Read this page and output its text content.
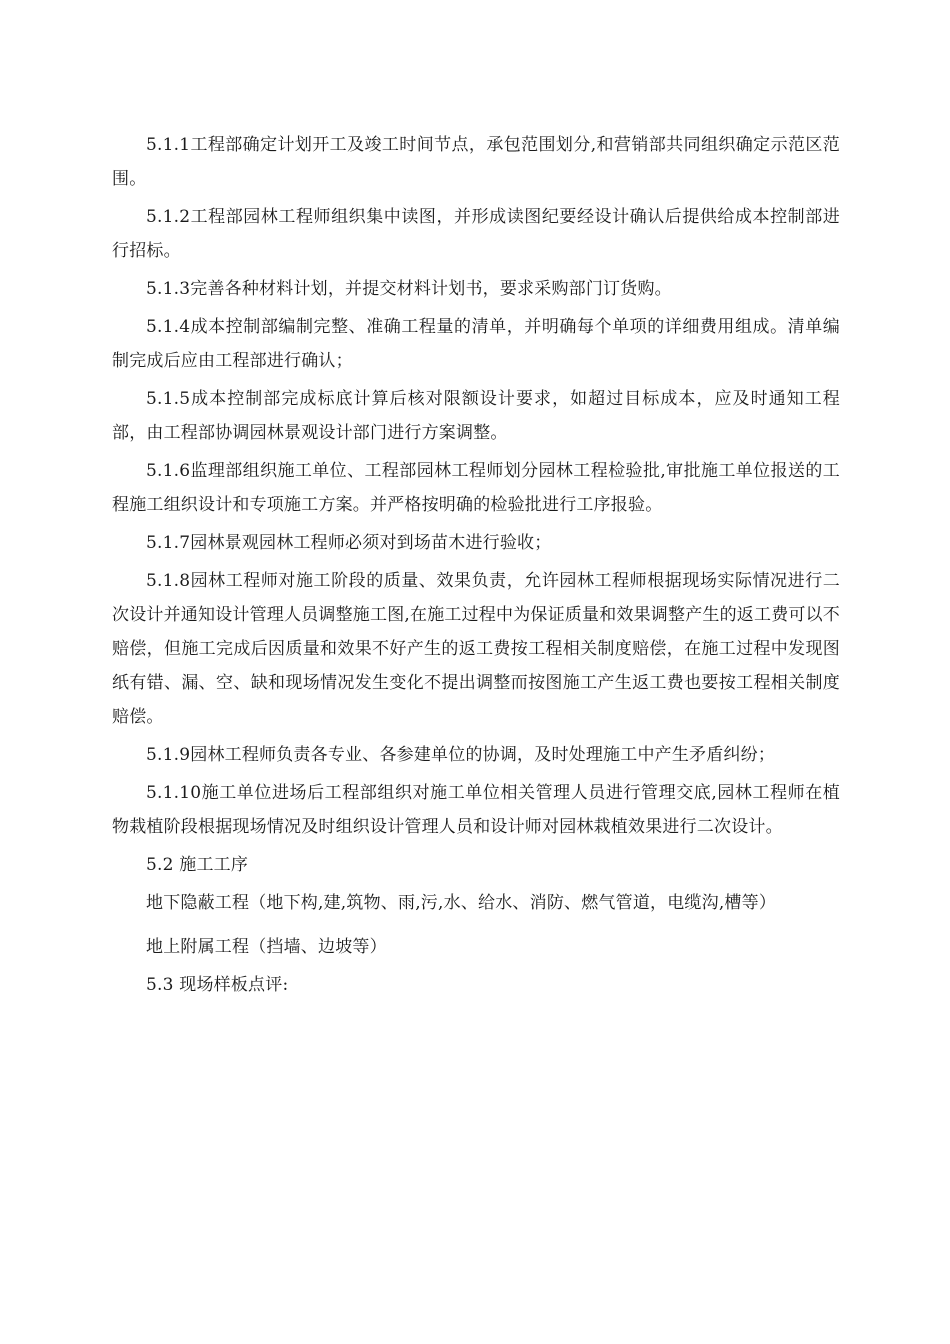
5.1.1工程部确定计划开工及竣工时间节点，承包范围划分,和营销部共同组织确定示范区范围。

5.1.2工程部园林工程师组织集中读图，并形成读图纪要经设计确认后提供给成本控制部进行招标。

5.1.3完善各种材料计划，并提交材料计划书，要求采购部门订货购。

5.1.4成本控制部编制完整、准确工程量的清单，并明确每个单项的详细费用组成。清单编制完成后应由工程部进行确认；

5.1.5成本控制部完成标底计算后核对限额设计要求，如超过目标成本，应及时通知工程部，由工程部协调园林景观设计部门进行方案调整。

5.1.6监理部组织施工单位、工程部园林工程师划分园林工程检验批,审批施工单位报送的工程施工组织设计和专项施工方案。并严格按明确的检验批进行工序报验。

5.1.7园林景观园林工程师必须对到场苗木进行验收；

5.1.8园林工程师对施工阶段的质量、效果负责，允许园林工程师根据现场实际情况进行二次设计并通知设计管理人员调整施工图,在施工过程中为保证质量和效果调整产生的返工费可以不赔偿，但施工完成后因质量和效果不好产生的返工费按工程相关制度赔偿，在施工过程中发现图纸有错、漏、空、缺和现场情况发生变化不提出调整而按图施工产生返工费也要按工程相关制度赔偿。

5.1.9园林工程师负责各专业、各参建单位的协调，及时处理施工中产生矛盾纠纷；

5.1.10施工单位进场后工程部组织对施工单位相关管理人员进行管理交底,园林工程师在植物栽植阶段根据现场情况及时组织设计管理人员和设计师对园林栽植效果进行二次设计。

5.2 施工工序

地下隐蔽工程（地下构,建,筑物、雨,污,水、给水、消防、燃气管道，电缆沟,槽等）

地上附属工程（挡墙、边坡等）

5.3 现场样板点评:
